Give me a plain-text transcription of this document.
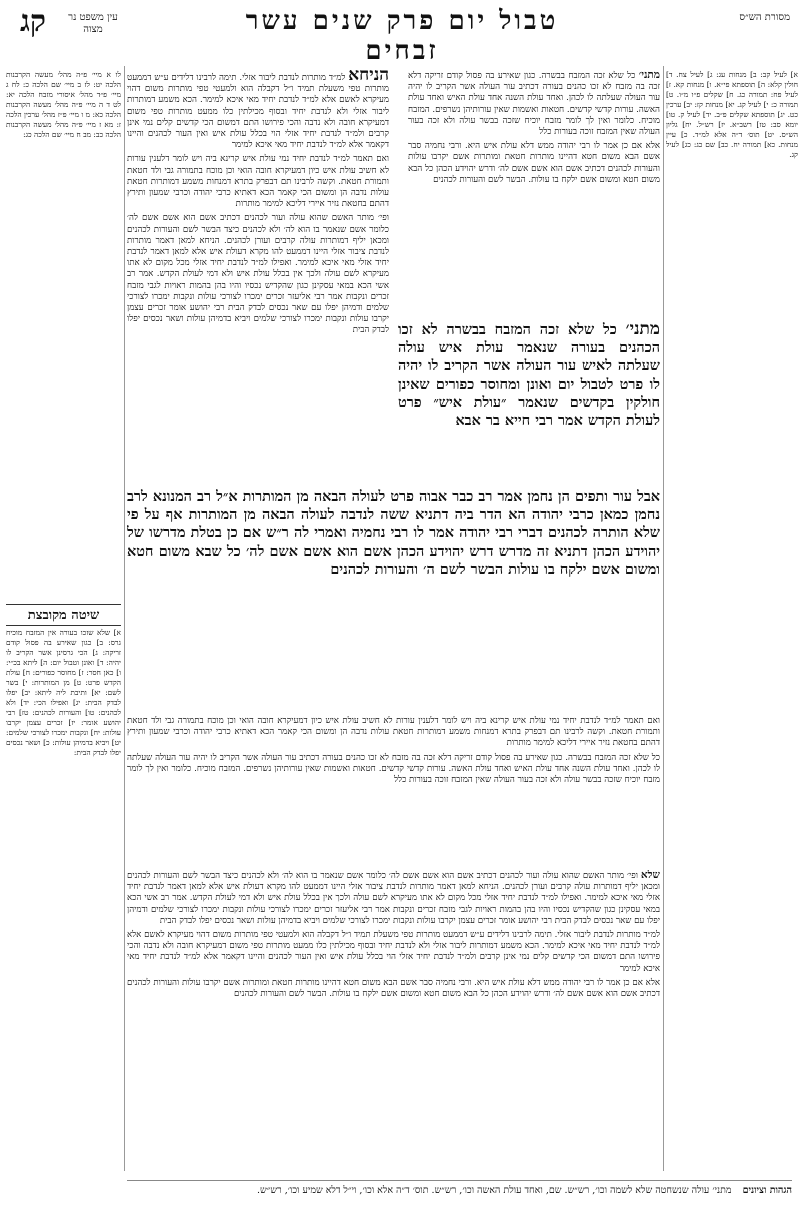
קג	טבול יום פרק שנים עשר זבחים
עין משפט נר מצוה
מסורת הש״ס

מתני׳ כל שלא זכה המזבח בבשרה. כגון שאירע בה פסול קודם זריקה דלא זכה בה מזבח לא זכו כהנים בעורה דכתיב עור העולה אשר הקריב לו יהיה עור העולה שעלתה לו לכהן. ואחד עולת השנה אחד עולת האיש ואחד עולת האשה. עורות קדשי קדשים. חטאות ואשמות שאין עורותיהן נשרפים. המזבח מוכיח. כלומר ואין לך לומר מזבח יוכיח שזכה בבשר עולה ולא זכה בעור העולה שאין המזבח זוכה בעורות כלל

אלא אם כן אמר לו רבי יהודה ממש דלא עולת איש היא. ורבי נחמיה סבר אשם הבא משום חטא דהיינו מותרות חטאת ומותרות אשם יקרבו עולות והעורות לכהנים דכתיב אשם הוא אשם אשם לה׳ ודרש יהוידע הכהן כל הבא משום חטא ומשום אשם ילקח בו עולות. הבשר לשם והעורות לכהנים

הניחא למ״ד מותרות לנדבת ליבור אזלי. תימה לרבינו דלידים ע״ש דממעט מותרות טפי משעלת תמיד ו״ל דקבלה הוא ולמעטי טפי מותרות משום דהוי מעיקרא לאשם אלא למ״ד לנדבת יחיד מאי איכא למימר. הכא משמע דמותרות ליבור אזלי ולא לנדבת יחיד ובסוף מכילתין כלו ממעט מותרות טפי משום דמעיקרא חובה ולא נדבה והכי פירושו התם דמשום הכי קדשים קלים נמי אינן קרבים ולמ״ד לנדבת יחיד אזלי הוי בכלל עולת איש ואין העור לכהנים והיינו דקאמר אלא למ״ד לנדבת יחיד מאי איכא למימר

ואם תאמר למ״ד לנדבת יחיד נמי עולת איש קרינא ביה ויש לומר דלענין עורות לא חשיב עולת איש כיון דמעיקרא חובה הואי וכן מוכח בתמורה גבי ולד חטאת ותמורת חטאת. וקשה לרבינו תם דבפרק בתרא דמנחות משמע דמותרות חטאת עולות נדבה הן ומשום הכי קאמר הכא דאתיא כרבי יהודה וכרבי שמעון ותירץ דהתם בחטאת נזיר איירי דליכא למימר מותרות

ופי׳ מותר האשם שהוא עולה ועור לכהנים דכתיב אשם הוא אשם אשם לה׳ כלומר אשם שנאמר בו הוא לה׳ ולא לכהנים כיצד הבשר לשם והעורות לכהנים ומכאן יליף דמותרות עולה קרבים ועורן לכהנים. הניחא למאן דאמר מותרות לנדבת ציבור אזלי היינו דממעט להו מקרא דעולת איש אלא למאן דאמר לנדבת יחיד אזלי מאי איכא למימר. ואפילו למ״ד לנדבת יחיד אזלי מכל מקום לא אתו מעיקרא לשם עולה ולכך אין בכלל עולת איש ולא דמי לעולת הקדש. אמר רב אשי הכא במאי עסקינן כגון שהקדיש נכסיו והיו בהן בהמות ראויות לגבי מזבח זכרים ונקבות אמר רבי אליעזר זכרים ימכרו לצורכי עולות ונקבות ימכרו לצורכי שלמים ודמיהן יפלו עם שאר נכסים לבדק הבית רבי יהושע אומר זכרים עצמן יקרבו עולות ונקבות ימכרו לצורכי שלמים ויביא בדמיהן עולות ושאר נכסים יפלו לבדק הבית	מתני׳ כל שלא זכה המזבח בבשרה לא זכו הכהנים בעורה שנאמר עולת איש עולה שעלתה לאיש עור העולה אשר הקריב לו יהיה לו פרט לטבול יום ואונן ומחוסר כפורים שאינן חולקין בקדשים שנאמר ״עולת איש״ פרט לעולת הקדש אמר רבי חייא בר אבא
אבל עור ותפים הן נחמן אמר רב כבר אבוה פרט לעולה הבאה מן המותרות א״ל רב המנונא לרב נחמן כמאן כרבי יהודה הא הדר ביה דתניא ששה לנדבה לעולה הבאה מן המותרות אף על פי שלא הותרה לכהנים דברי רבי יהודה אמר לו רבי נחמיה ואמרי לה ר״ש אם כן בטלת מדרשו של יהוידע הכהן דתניא זה מדרש דרש יהוידע הכהן אשם הוא אשם אשם לה׳ כל שבא משום חטא ומשום אשם ילקח בו עולות הבשר לשם ה׳ והעורות לכהנים

ואם תאמר למ״ד לנדבת יחיד נמי עולת איש קרינא ביה ויש לומר דלענין עורות לא חשיב עולת איש כיון דמעיקרא חובה הואי וכן מוכח בתמורה גבי ולד חטאת ותמורת חטאת. וקשה לרבינו תם דבפרק בתרא דמנחות משמע דמותרות חטאת עולות נדבה הן ומשום הכי קאמר הכא דאתיא כרבי יהודה וכרבי שמעון ותירץ דהתם בחטאת נזיר איירי דליכא למימר מותרות

כל שלא זכה המזבח בבשרה. כגון שאירע בה פסול קודם זריקה דלא זכה בה מזבח לא זכו כהנים בעורה דכתיב עור העולה אשר הקריב לו יהיה עור העולה שעלתה לו לכהן. ואחד עולת השנה אחד עולת האיש ואחד עולת האשה. עורות קדשי קדשים. חטאות ואשמות שאין עורותיהן נשרפים. המזבח מוכיח. כלומר ואין לך לומר מזבח יוכיח שזכה בבשר עולה ולא זכה בעור העולה שאין המזבח זוכה בעורות כלל

שלא ופי׳ מותר האשם שהוא עולה ועור לכהנים דכתיב אשם הוא אשם אשם לה׳ כלומר אשם שנאמר בו הוא לה׳ ולא לכהנים כיצד הבשר לשם והעורות לכהנים ומכאן יליף דמותרות עולה קרבים ועורן לכהנים. הניחא למאן דאמר מותרות לנדבת ציבור אזלי היינו דממעט להו מקרא דעולת איש אלא למאן דאמר לנדבת יחיד אזלי מאי איכא למימר. ואפילו למ״ד לנדבת יחיד אזלי מכל מקום לא אתו מעיקרא לשם עולה ולכך אין בכלל עולת איש ולא דמי לעולת הקדש. אמר רב אשי הכא במאי עסקינן כגון שהקדיש נכסיו והיו בהן בהמות ראויות לגבי מזבח זכרים ונקבות אמר רבי אליעזר זכרים ימכרו לצורכי עולות ונקבות ימכרו לצורכי שלמים ודמיהן יפלו עם שאר נכסים לבדק הבית רבי יהושע אומר זכרים עצמן יקרבו עולות ונקבות ימכרו לצורכי שלמים ויביא בדמיהן עולות ושאר נכסים יפלו לבדק הבית

למ״ד מותרות לנדבת ליבור אזלי. תימה לרבינו דלידים ע״ש דממעט מותרות טפי משעלת תמיד ו״ל דקבלה הוא ולמעטי טפי מותרות משום דהוי מעיקרא לאשם אלא למ״ד לנדבת יחיד מאי איכא למימר. הכא משמע דמותרות ליבור אזלי ולא לנדבת יחיד ובסוף מכילתין כלו ממעט מותרות טפי משום דמעיקרא חובה ולא נדבה והכי פירושו התם דמשום הכי קדשים קלים נמי אינן קרבים ולמ״ד לנדבת יחיד אזלי הוי בכלל עולת איש ואין העור לכהנים והיינו דקאמר אלא למ״ד לנדבת יחיד מאי איכא למימר

אלא אם כן אמר לו רבי יהודה ממש דלא עולת איש היא. ורבי נחמיה סבר אשם הבא משום חטא דהיינו מותרות חטאת ומותרות אשם יקרבו עולות והעורות לכהנים דכתיב אשם הוא אשם אשם לה׳ ודרש יהוידע הכהן כל הבא משום חטא ומשום אשם ילקח בו עולות. הבשר לשם והעורות לכהנים

לו א מיי׳ פ״ה מהל׳ מעשה הקרבנות הלכה יט: לז ב מיי׳ שם הלכה כ: לח ג מיי׳ פ״ד מהל׳ איסורי מזבח הלכה יא: לט ד ה מיי׳ פ״ה מהל׳ מעשה הקרבנות הלכה כא: מ ו מיי׳ פ״ז מהל׳ ערכין הלכה ז: מא ז מיי׳ פ״ה מהל׳ מעשה הקרבנות הלכה כב: מב ח מיי׳ שם הלכה כג:
שיטה מקובצת
א] שלא שזכו בעורה אין המזבח מוכיח גרס: ב] כגון שאירע בה פסול קודם זריקה: ג] הכי גרסינן אשר הקריב לו יהיה: ד] ואונן וטבול יום: ה] ליתא בכ״י: ו] כאן חסר: ז] מחוסר כפורים: ח] עולת הקדש פרט: ט] מן המותרות: י] בשר לשם: יא] ותיבת ליה ליתא: יב] יפלו לבדק הבית: יג] ואפילו הכי: יד] ולא לכהנים: טו] והעורות לכהנים: טז] רבי יהושע אומר: יז] זכרים עצמן יקרבו עולות: יח] ונקבות ימכרו לצורכי שלמים: יט] ויביא בדמיהן עולות: כ] ושאר נכסים יפלו לבדק הבית:
א] לעיל קב: ב] מנחות עג: ג] לעיל צח. ד] חולין קלא: ה] תוספתא פי״א. ו] מנחות קא. ז] לעיל פח: תמורה כג. ח] שקלים פ״ו מ״ו. ט] תמורה כ: י] לעיל קג. יא] מנחות קז: יב] ערכין כט. יג] תוספתא שקלים פ״ב. יד] לעיל ק. טו] יומא סב: טז] רשב״א. יז] רש״ל. יח] גליון הש״ס. יט] תוס׳ ד״ה אלא למ״ד. כ] עיין מנחות. כא] תמורה יח. כב] שם כג: כג] לעיל קג.
הגהות וציונים מתני׳ עולה שנשחטה שלא לשמה וכו׳, רש״ש. שם, ואחד עולת האשה וכו׳, רש״ש. תוס׳ ד״ה אלא וכו׳, וי״ל דלא שמיע וכו׳, רש״ש.
